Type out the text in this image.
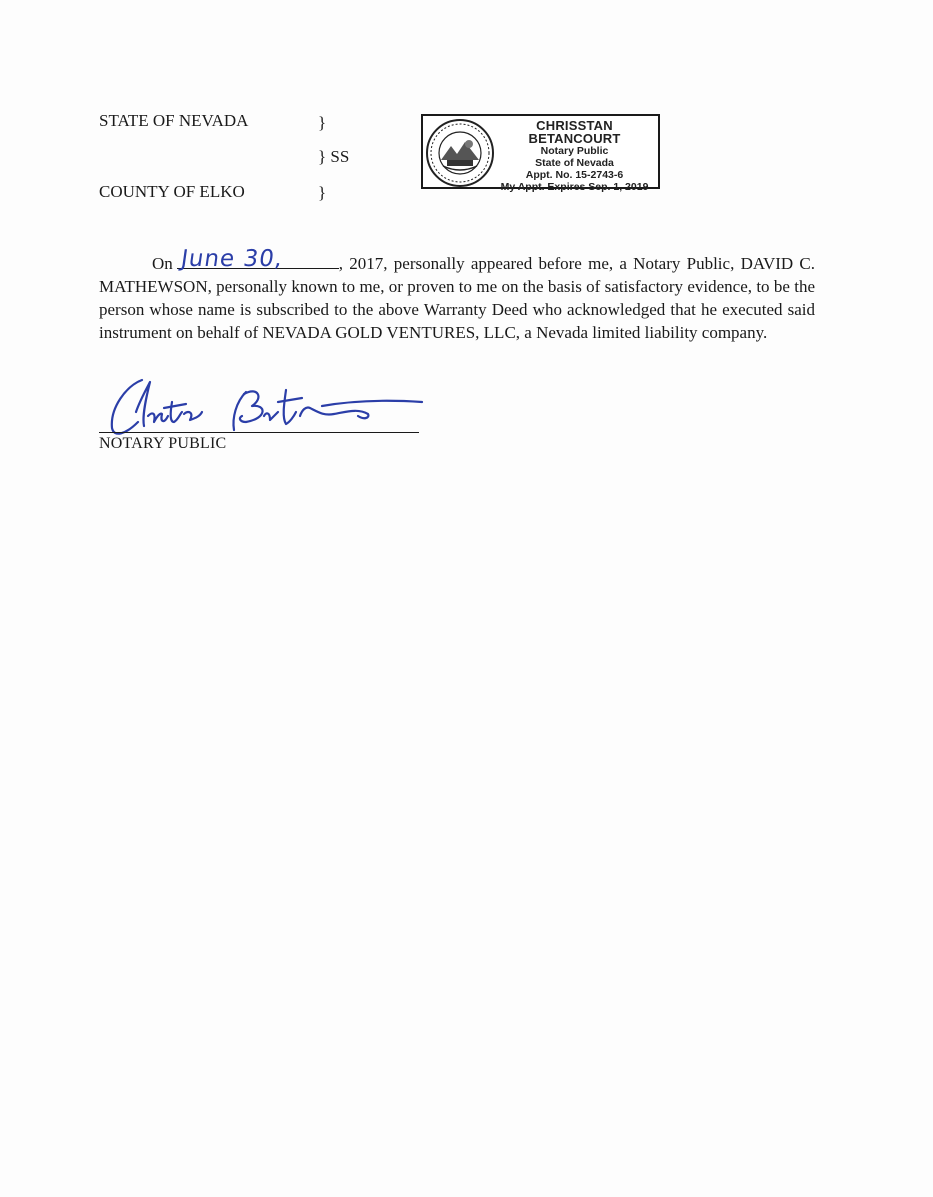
STATE OF NEVADA	}
} SS
COUNTY OF ELKO	}
CHRISSTAN BETANCOURT
Notary Public
State of Nevada
Appt. No. 15-2743-6
My Appt. Expires Sep. 1, 2019
On June 30,	, 2017, personally appeared before me, a Notary Public, DAVID C. MATHEWSON, personally known to me, or proven to me on the basis of satisfactory evidence, to be the person whose name is subscribed to the above Warranty Deed who acknowledged that he executed said instrument on behalf of NEVADA GOLD VENTURES, LLC, a Nevada limited liability company.
NOTARY PUBLIC
